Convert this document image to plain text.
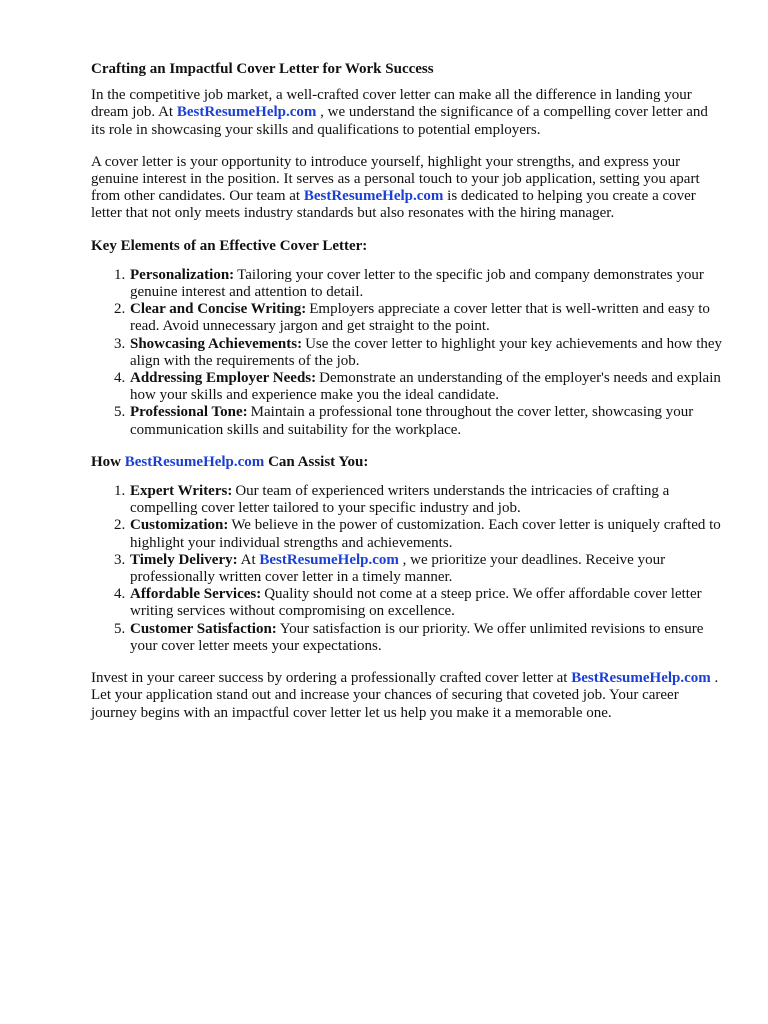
Crafting an Impactful Cover Letter for Work Success

In the competitive job market, a well-crafted cover letter can make all the difference in landing your dream job. At BestResumeHelp.com , we understand the significance of a compelling cover letter and its role in showcasing your skills and qualifications to potential employers.

A cover letter is your opportunity to introduce yourself, highlight your strengths, and express your genuine interest in the position. It serves as a personal touch to your job application, setting you apart from other candidates. Our team at BestResumeHelp.com is dedicated to helping you create a cover letter that not only meets industry standards but also resonates with the hiring manager.

Key Elements of an Effective Cover Letter:
1. Personalization: Tailoring your cover letter to the specific job and company demonstrates your genuine interest and attention to detail.
2. Clear and Concise Writing: Employers appreciate a cover letter that is well-written and easy to read. Avoid unnecessary jargon and get straight to the point.
3. Showcasing Achievements: Use the cover letter to highlight your key achievements and how they align with the requirements of the job.
4. Addressing Employer Needs: Demonstrate an understanding of the employer's needs and explain how your skills and experience make you the ideal candidate.
5. Professional Tone: Maintain a professional tone throughout the cover letter, showcasing your communication skills and suitability for the workplace.
How BestResumeHelp.com Can Assist You:
1. Expert Writers: Our team of experienced writers understands the intricacies of crafting a compelling cover letter tailored to your specific industry and job.
2. Customization: We believe in the power of customization. Each cover letter is uniquely crafted to highlight your individual strengths and achievements.
3. Timely Delivery: At BestResumeHelp.com , we prioritize your deadlines. Receive your professionally written cover letter in a timely manner.
4. Affordable Services: Quality should not come at a steep price. We offer affordable cover letter writing services without compromising on excellence.
5. Customer Satisfaction: Your satisfaction is our priority. We offer unlimited revisions to ensure your cover letter meets your expectations.

Invest in your career success by ordering a professionally crafted cover letter at BestResumeHelp.com . Let your application stand out and increase your chances of securing that coveted job. Your career journey begins with an impactful cover letter let us help you make it a memorable one.
